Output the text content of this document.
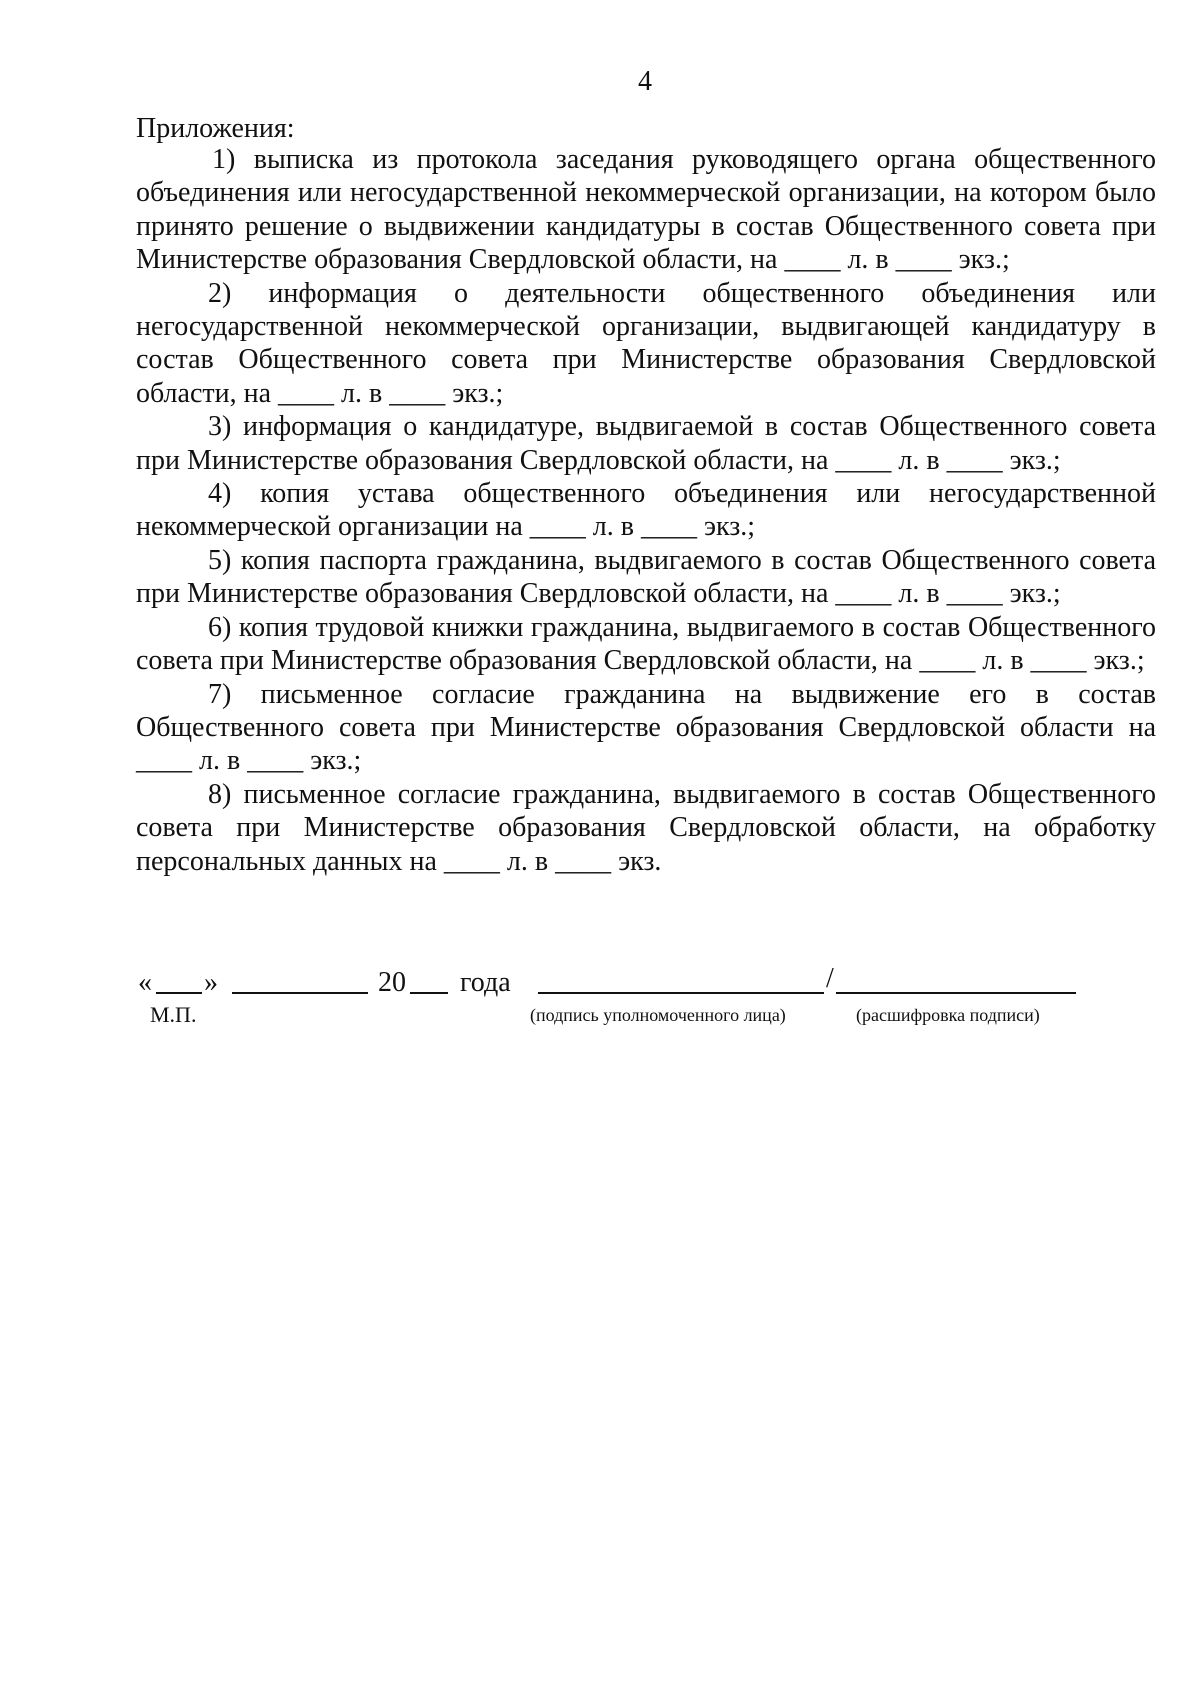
4
Приложения:

1) выписка из протокола заседания руководящего органа общественного объединения или негосударственной некоммерческой организации, на котором было принято решение о выдвижении кандидатуры в состав Общественного совета при Министерстве образования Свердловской области, на ____ л. в ____ экз.;

2) информация о деятельности общественного объединения или негосударственной некоммерческой организации, выдвигающей кандидатуру в состав Общественного совета при Министерстве образования Свердловской области, на ____ л. в ____ экз.;

3) информация о кандидатуре, выдвигаемой в состав Общественного совета при Министерстве образования Свердловской области, на ____ л. в ____ экз.;

4) копия устава общественного объединения или негосударственной некоммерческой организации на ____ л. в ____ экз.;

5) копия паспорта гражданина, выдвигаемого в состав Общественного совета при Министерстве образования Свердловской области, на ____ л. в ____ экз.;

6) копия трудовой книжки гражданина, выдвигаемого в состав Общественного совета при Министерстве образования Свердловской области, на ____ л. в ____ экз.;

7) письменное согласие гражданина на выдвижение его в состав Общественного совета при Министерстве образования Свердловской области на ____ л. в ____ экз.;

8) письменное согласие гражданина, выдвигаемого в состав Общественного совета при Министерстве образования Свердловской области, на обработку персональных данных на ____ л. в ____ экз.

« »	20 года	/
М.П.	(подпись уполномоченного лица)	(расшифровка подписи)
